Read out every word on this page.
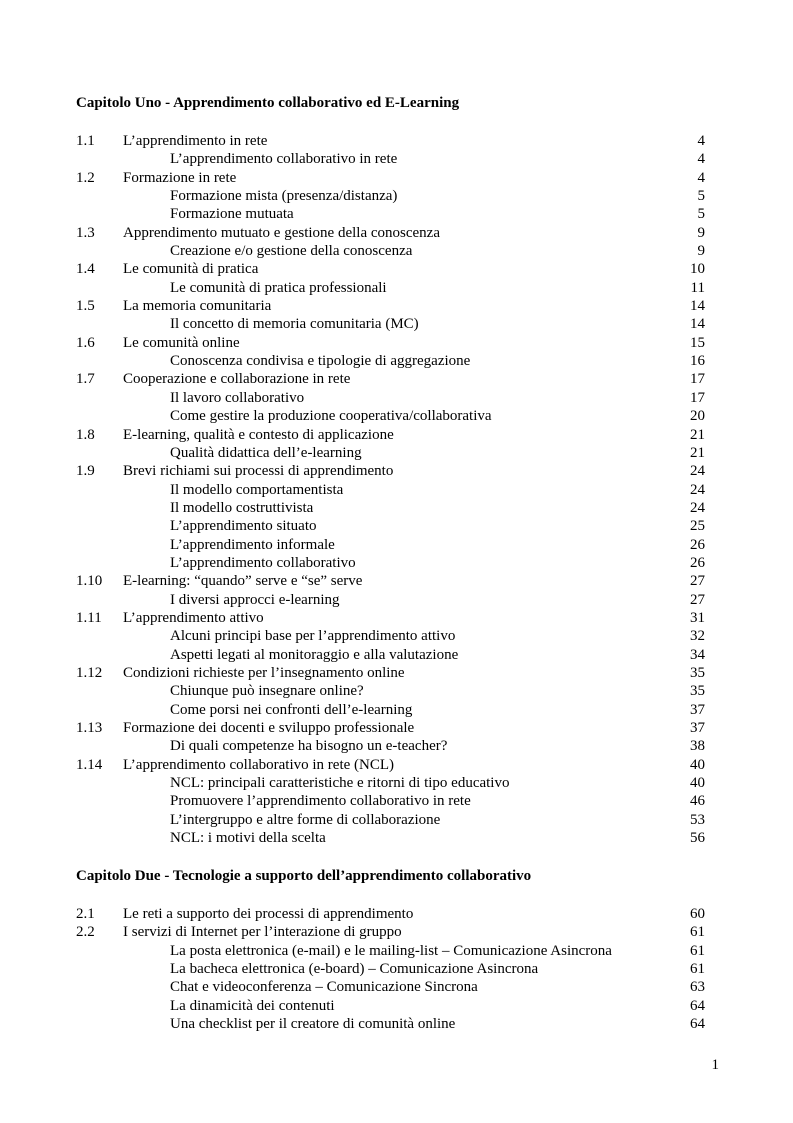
Capitolo Uno - Apprendimento collaborativo ed E-Learning
1.1 L’apprendimento in rete	4
L’apprendimento collaborativo in rete	4
1.2 Formazione in rete	4
Formazione mista (presenza/distanza)	5
Formazione mutuata	5
1.3 Apprendimento mutuato e gestione della conoscenza	9
Creazione e/o gestione della conoscenza	9
1.4 Le comunità di pratica	10
Le comunità di pratica professionali	11
1.5 La memoria comunitaria	14
Il concetto di memoria comunitaria (MC)	14
1.6 Le comunità online	15
Conoscenza condivisa e tipologie di aggregazione	16
1.7 Cooperazione e collaborazione in rete	17
Il lavoro collaborativo	17
Come gestire la produzione cooperativa/collaborativa	20
1.8 E-learning, qualità e contesto di applicazione	21
Qualità didattica dell’e-learning	21
1.9 Brevi richiami sui processi di apprendimento	24
Il modello comportamentista	24
Il modello costruttivista	24
L’apprendimento situato	25
L’apprendimento informale	26
L’apprendimento collaborativo	26
1.10 E-learning: “quando” serve e “se” serve	27
I diversi approcci e-learning	27
1.11 L’apprendimento attivo	31
Alcuni principi base per l’apprendimento attivo	32
Aspetti legati al monitoraggio e alla valutazione	34
1.12 Condizioni richieste per l’insegnamento online	35
Chiunque può insegnare online?	35
Come porsi nei confronti dell’e-learning	37
1.13 Formazione dei docenti e sviluppo professionale	37
Di quali competenze ha bisogno un e-teacher?	38
1.14 L’apprendimento collaborativo in rete (NCL)	40
NCL: principali caratteristiche e ritorni di tipo educativo	40
Promuovere l’apprendimento collaborativo in rete	46
L’intergruppo e altre forme di collaborazione	53
NCL: i motivi della scelta	56
Capitolo Due - Tecnologie a supporto dell’apprendimento collaborativo
2.1 Le reti a supporto dei processi di apprendimento	60
2.2 I servizi di Internet per l’interazione di gruppo	61
La posta elettronica (e-mail) e le mailing-list – Comunicazione Asincrona	61
La bacheca elettronica (e-board) – Comunicazione Asincrona	61
Chat e videoconferenza – Comunicazione Sincrona	63
La dinamicità dei contenuti	64
Una checklist per il creatore di comunità online	64
1
